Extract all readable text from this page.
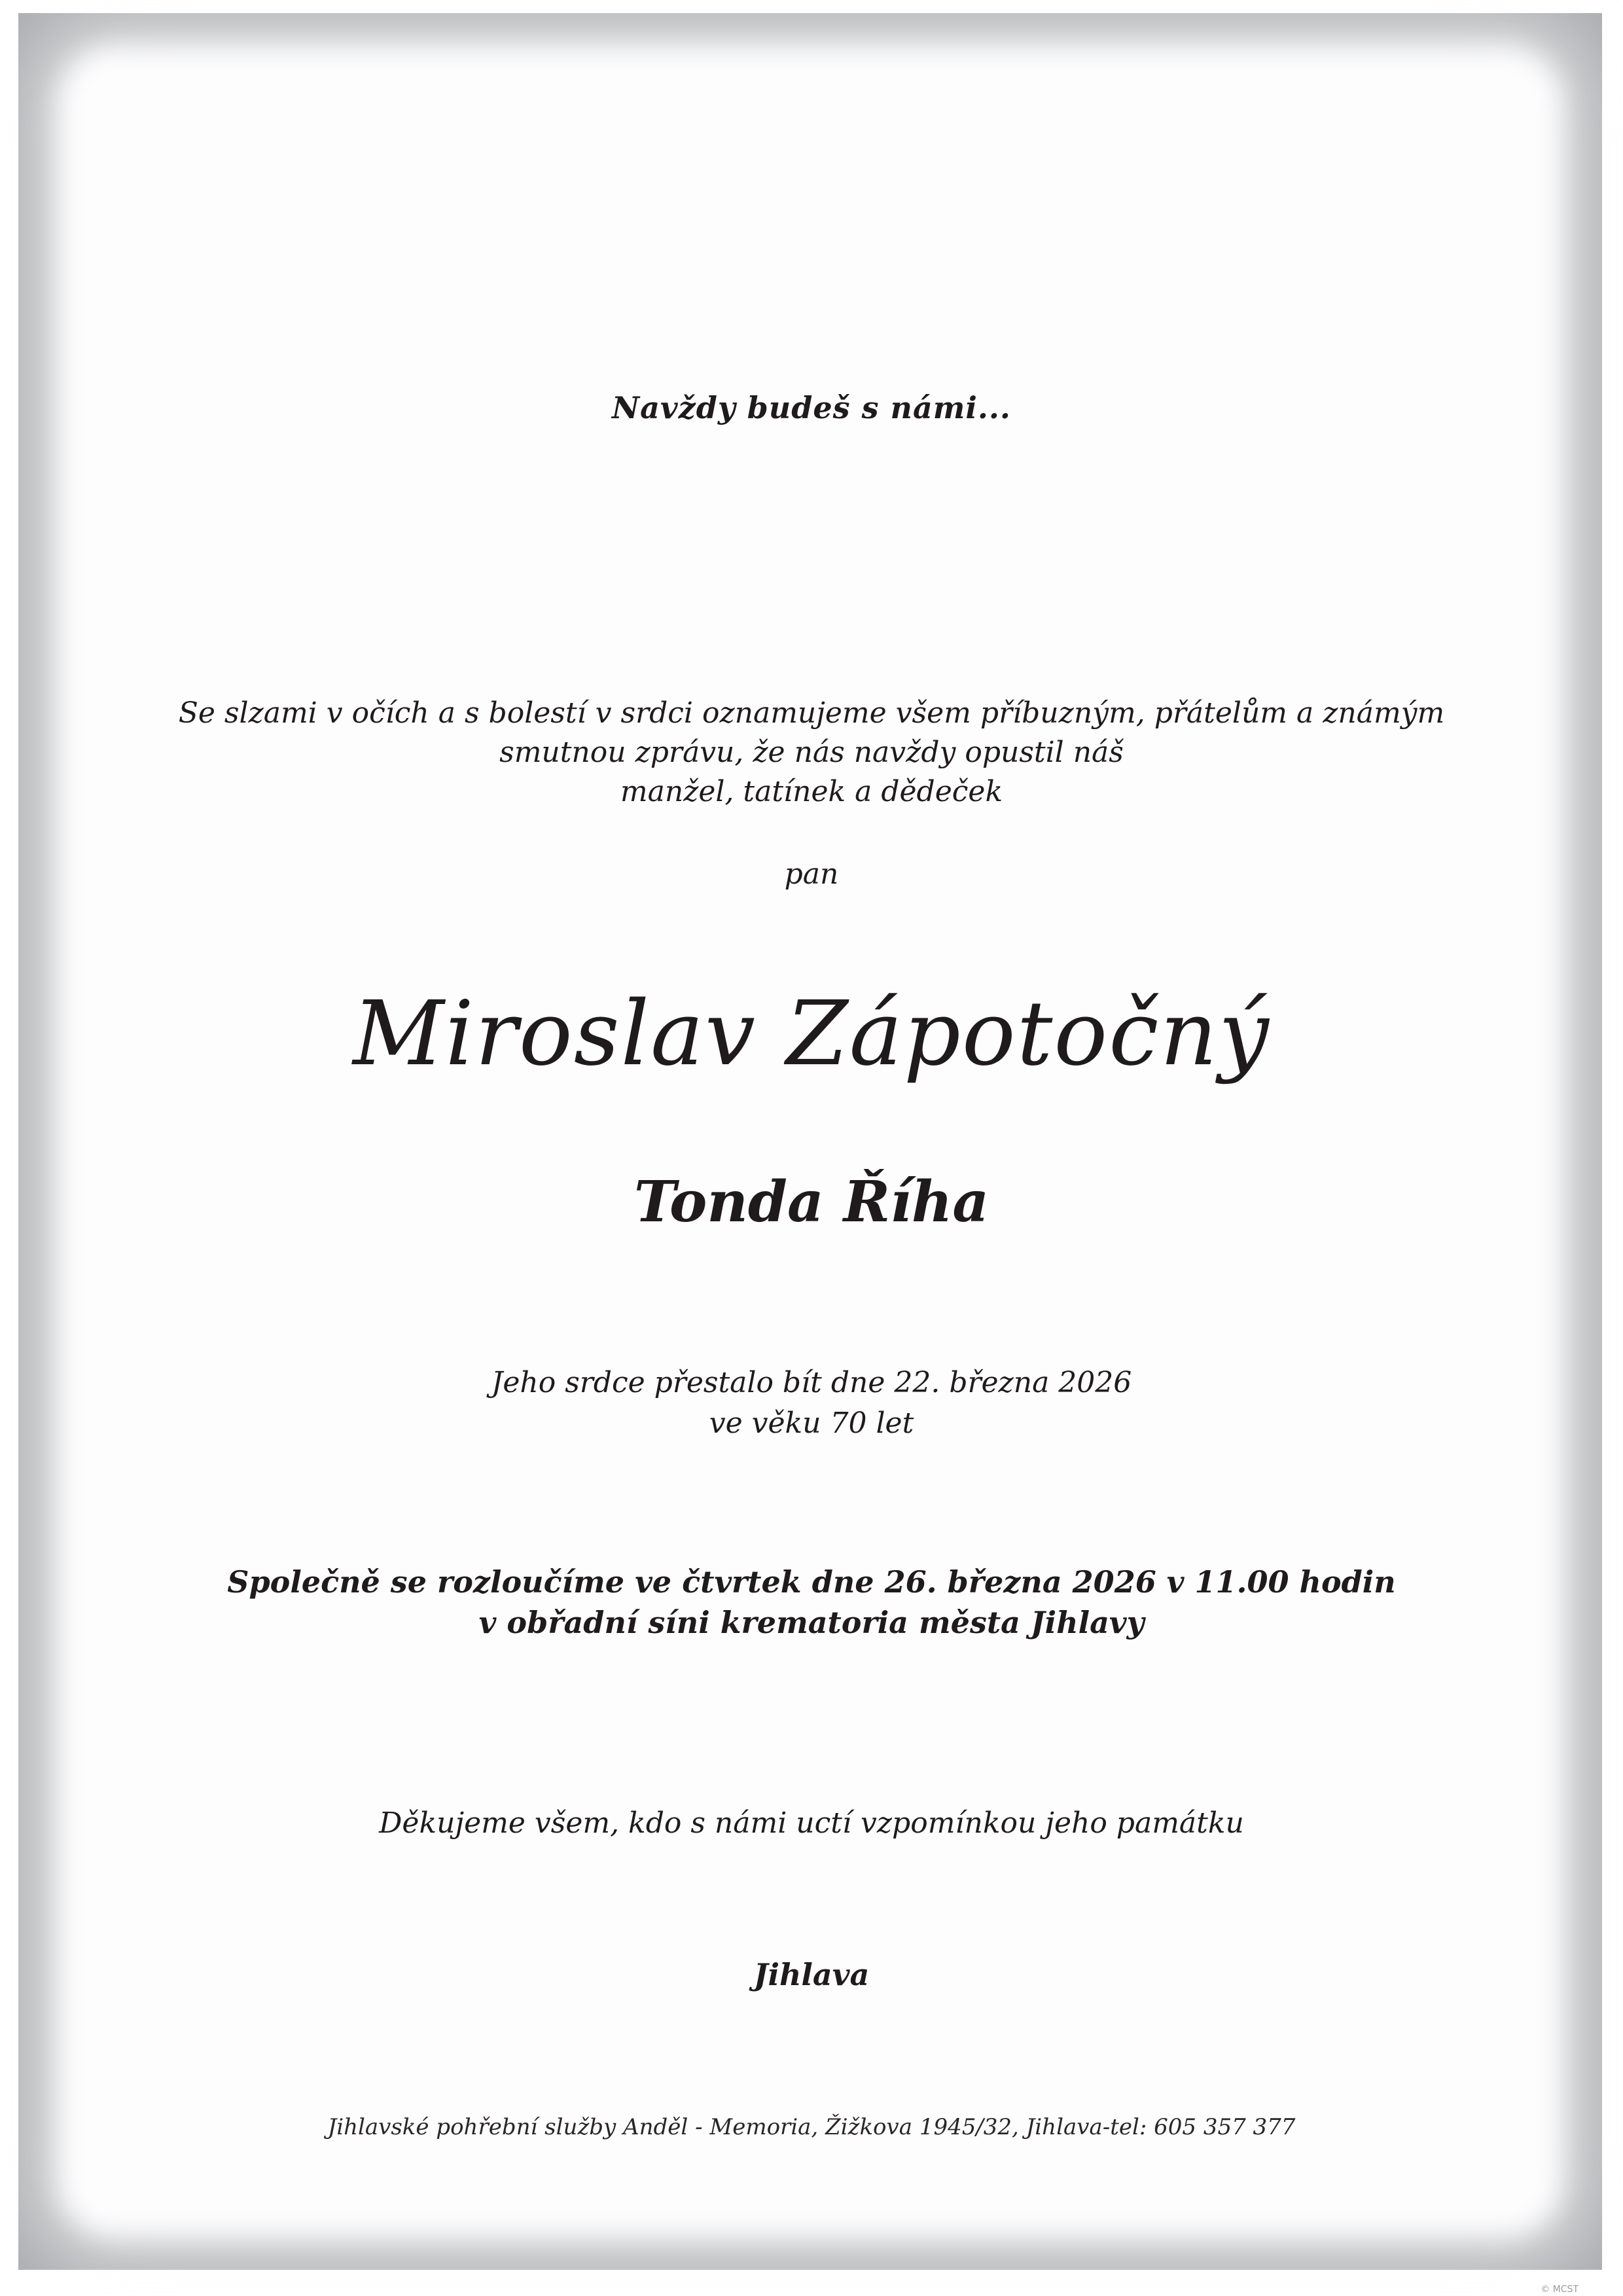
Navždy budeš s námi...

Se slzami v očích a s bolestí v srdci oznamujeme všem příbuzným, přátelům a známým
smutnou zprávu, že nás navždy opustil náš
manžel, tatínek a dědeček

pan

Miroslav Zápotočný

Tonda Říha

Jeho srdce přestalo bít dne 22. března 2026
ve věku 70 let
Společně se rozloučíme ve čtvrtek dne 26. března 2026 v 11.00 hodin
v obřadní síni krematoria města Jihlavy

Děkujeme všem, kdo s námi uctí vzpomínkou jeho památku

Jihlava

Jihlavské pohřební služby Anděl - Memoria, Žižkova 1945/32, Jihlava-tel: 605 357 377

© MCST
